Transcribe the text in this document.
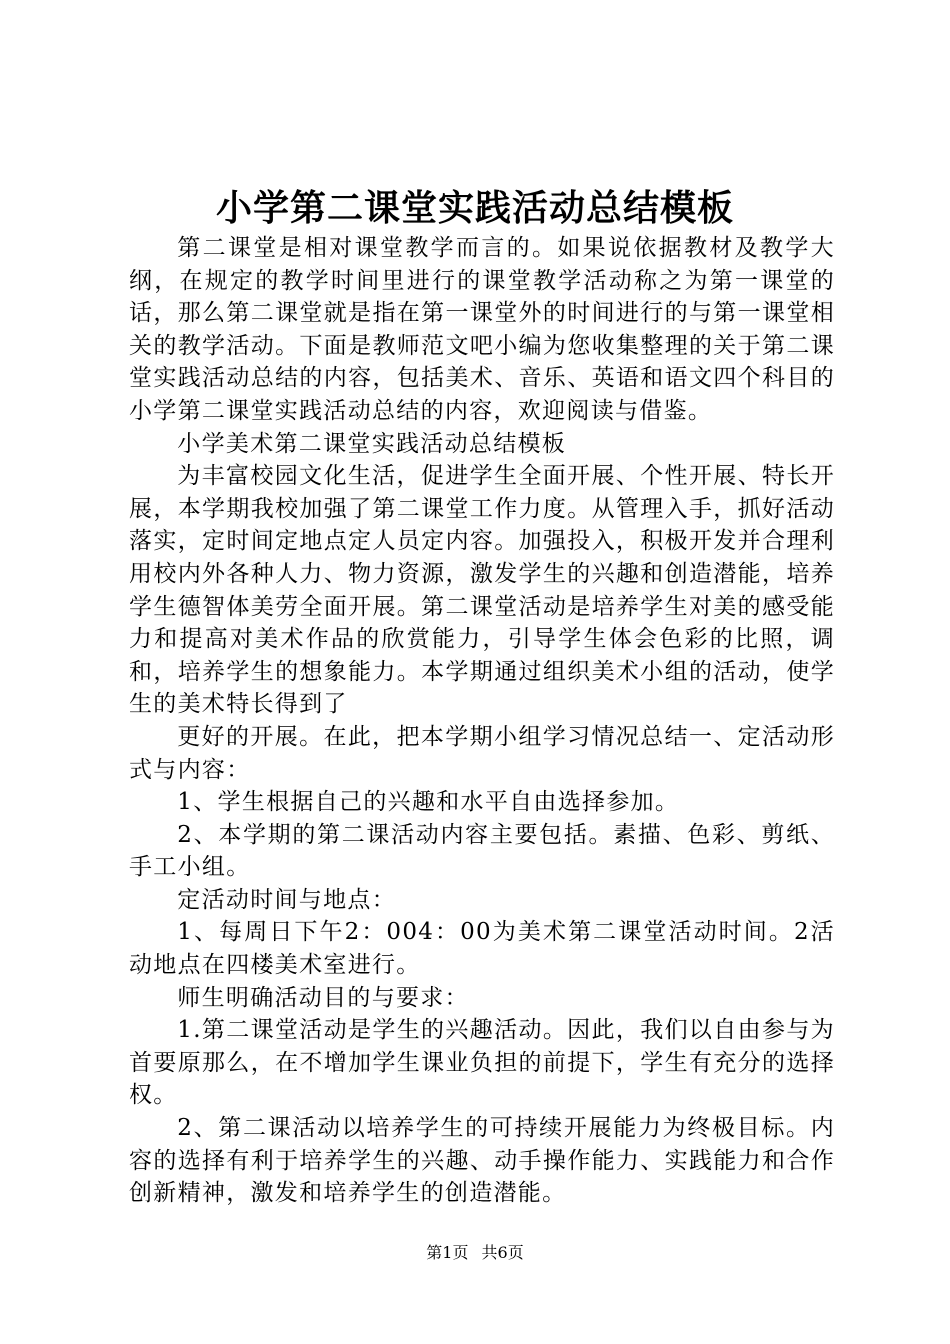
小学第二课堂实践活动总结模板

第二课堂是相对课堂教学而言的。如果说依据教材及教学大纲，在规定的教学时间里进行的课堂教学活动称之为第一课堂的话，那么第二课堂就是指在第一课堂外的时间进行的与第一课堂相关的教学活动。下面是教师范文吧小编为您收集整理的关于第二课堂实践活动总结的内容，包括美术、音乐、英语和语文四个科目的小学第二课堂实践活动总结的内容，欢迎阅读与借鉴。

小学美术第二课堂实践活动总结模板

为丰富校园文化生活，促进学生全面开展、个性开展、特长开展，本学期我校加强了第二课堂工作力度。从管理入手，抓好活动落实，定时间定地点定人员定内容。加强投入，积极开发并合理利用校内外各种人力、物力资源，激发学生的兴趣和创造潜能，培养学生德智体美劳全面开展。第二课堂活动是培养学生对美的感受能力和提高对美术作品的欣赏能力，引导学生体会色彩的比照，调和，培养学生的想象能力。本学期通过组织美术小组的活动，使学生的美术特长得到了

更好的开展。在此，把本学期小组学习情况总结一、定活动形式与内容：

1、学生根据自己的兴趣和水平自由选择参加。

2、本学期的第二课活动内容主要包括。素描、色彩、剪纸、手工小组。

定活动时间与地点：

1、每周日下午2：004：00为美术第二课堂活动时间。2活动地点在四楼美术室进行。

师生明确活动目的与要求：

1.第二课堂活动是学生的兴趣活动。因此，我们以自由参与为首要原那么，在不增加学生课业负担的前提下，学生有充分的选择权。

2、第二课活动以培养学生的可持续开展能力为终极目标。内容的选择有利于培养学生的兴趣、动手操作能力、实践能力和合作创新精神，激发和培养学生的创造潜能。

第1页 共6页
